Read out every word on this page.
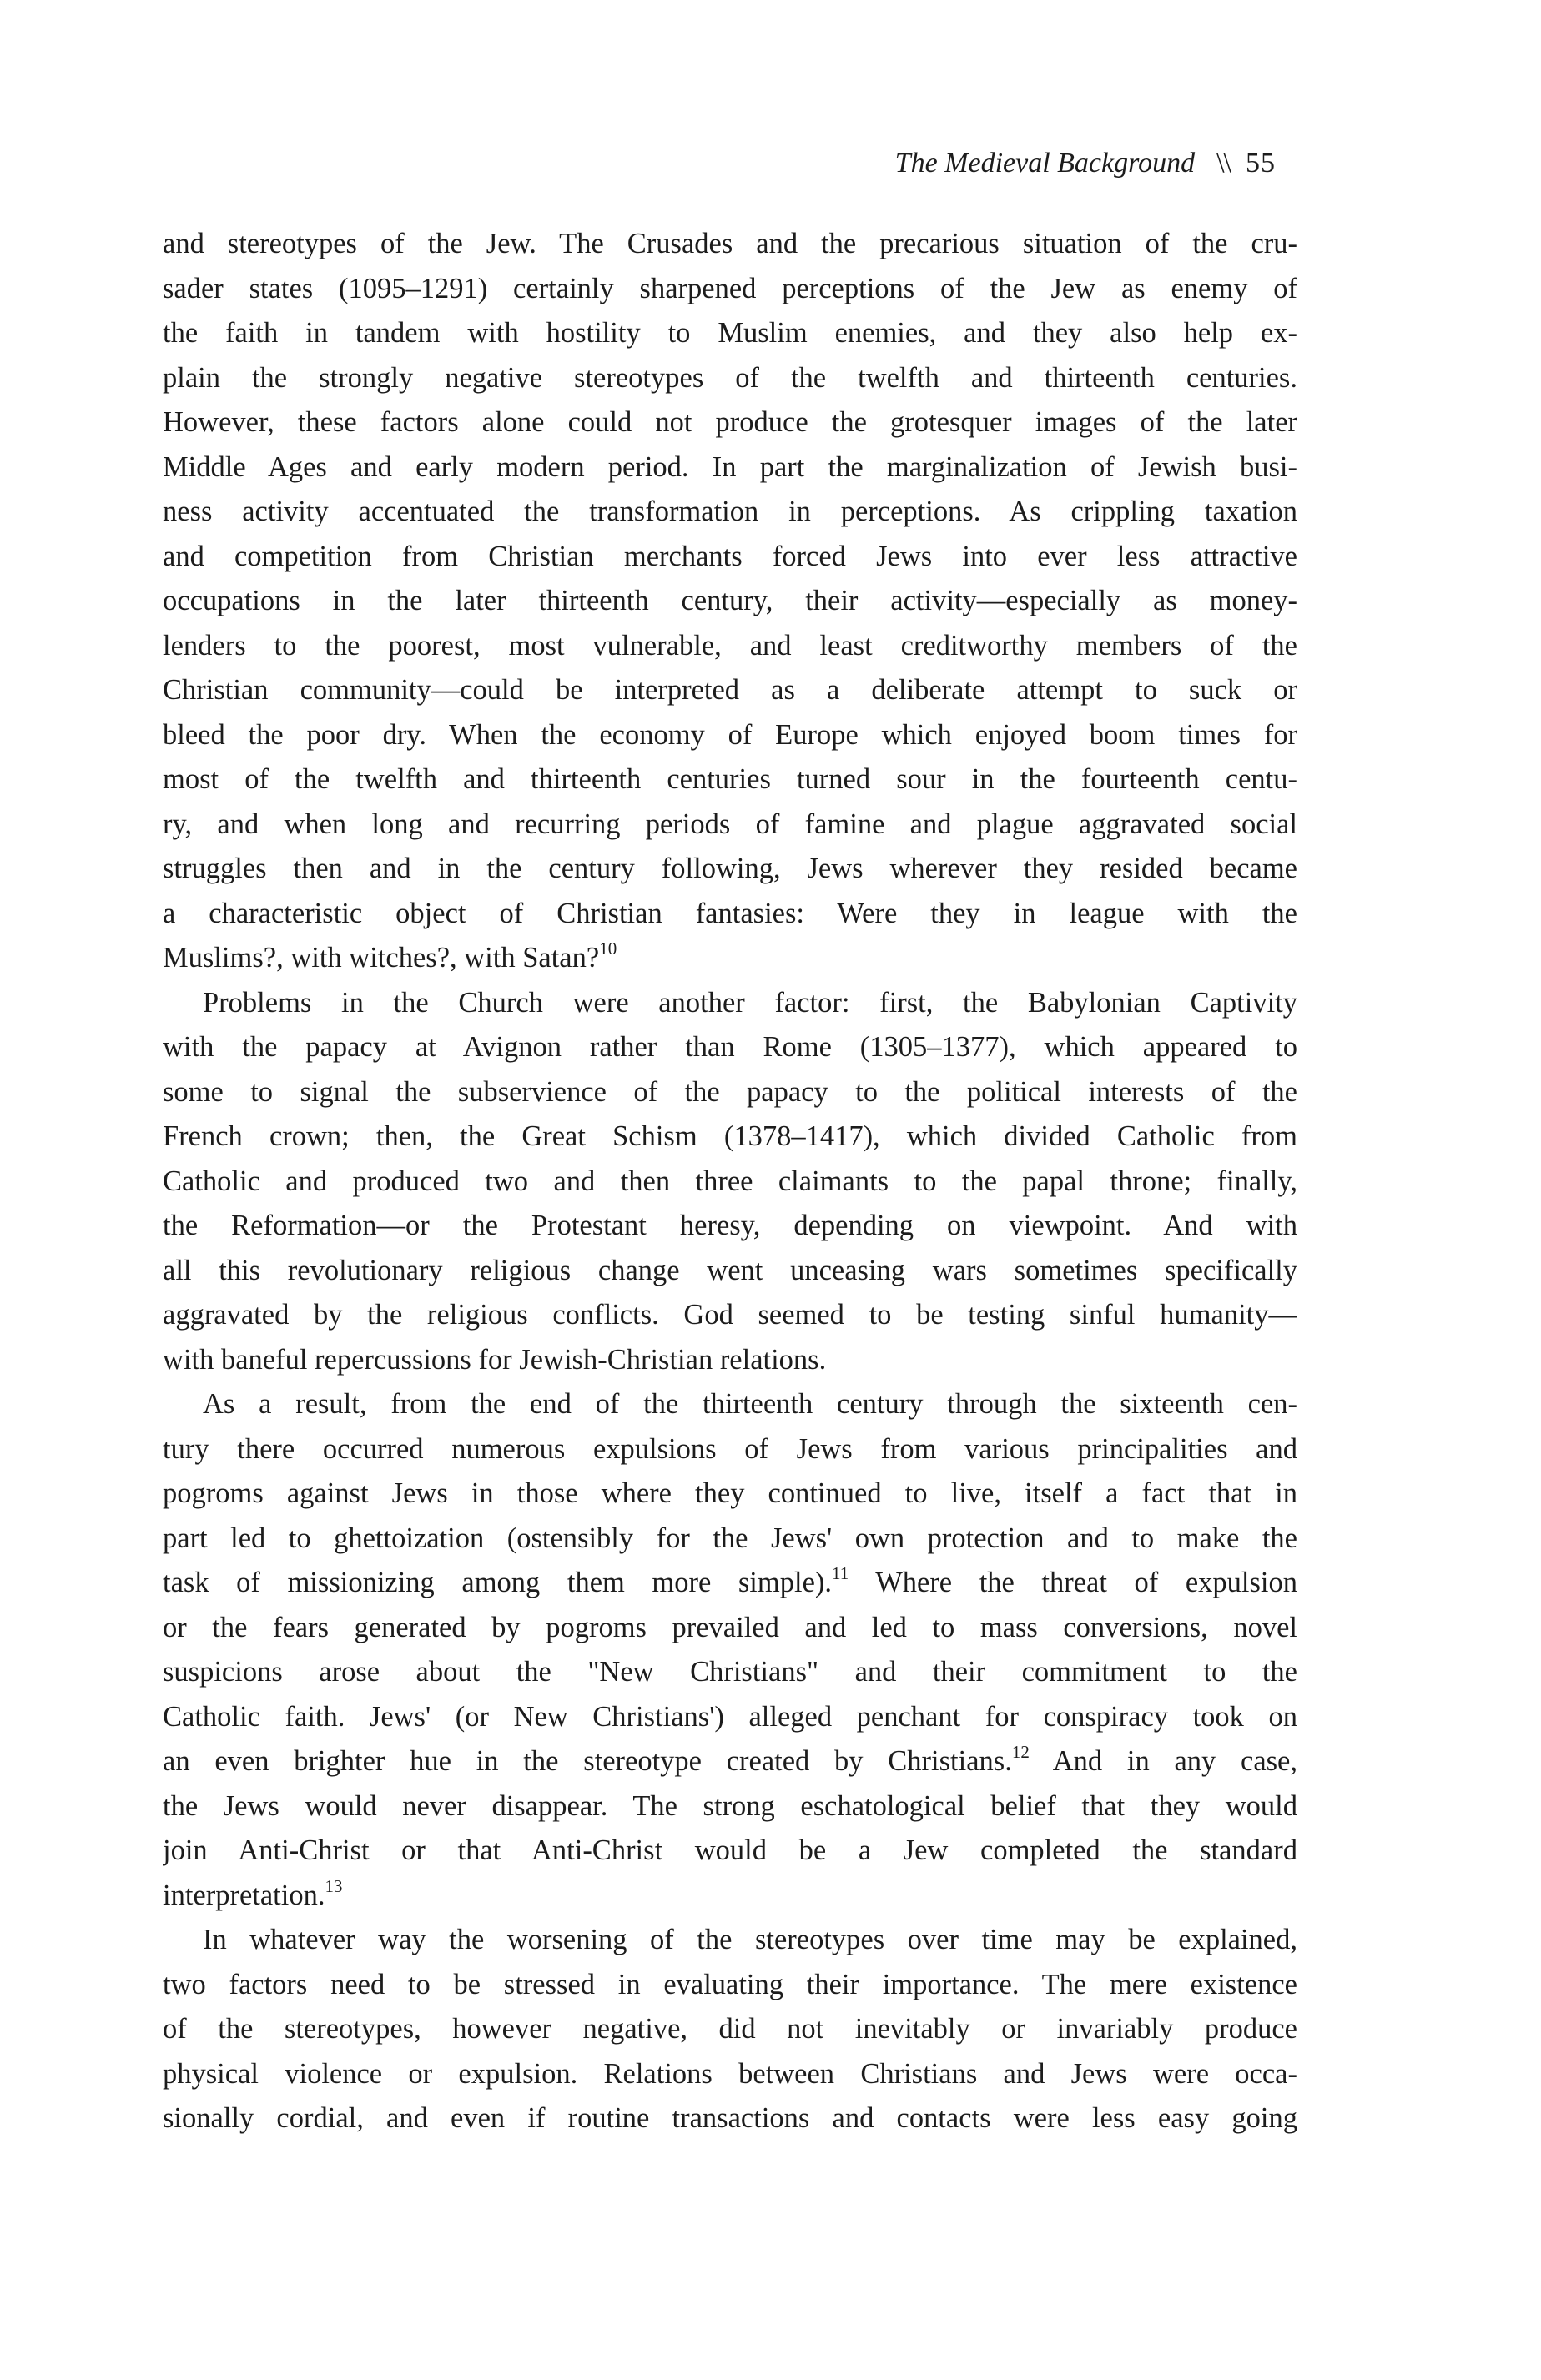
The Medieval Background \\ 55
and stereotypes of the Jew. The Crusades and the precarious situation of the cru-
sader states (1095–1291) certainly sharpened perceptions of the Jew as enemy of
the faith in tandem with hostility to Muslim enemies, and they also help ex-
plain the strongly negative stereotypes of the twelfth and thirteenth centuries.
However, these factors alone could not produce the grotesquer images of the later
Middle Ages and early modern period. In part the marginalization of Jewish busi-
ness activity accentuated the transformation in perceptions. As crippling taxation
and competition from Christian merchants forced Jews into ever less attractive
occupations in the later thirteenth century, their activity—especially as money-
lenders to the poorest, most vulnerable, and least creditworthy members of the
Christian community—could be interpreted as a deliberate attempt to suck or
bleed the poor dry. When the economy of Europe which enjoyed boom times for
most of the twelfth and thirteenth centuries turned sour in the fourteenth centu-
ry, and when long and recurring periods of famine and plague aggravated social
struggles then and in the century following, Jews wherever they resided became
a characteristic object of Christian fantasies: Were they in league with the
Muslims?, with witches?, with Satan?$^{10}$
Problems in the Church were another factor: first, the Babylonian Captivity
with the papacy at Avignon rather than Rome (1305–1377), which appeared to
some to signal the subservience of the papacy to the political interests of the
French crown; then, the Great Schism (1378–1417), which divided Catholic from
Catholic and produced two and then three claimants to the papal throne; finally,
the Reformation—or the Protestant heresy, depending on viewpoint. And with
all this revolutionary religious change went unceasing wars sometimes specifically
aggravated by the religious conflicts. God seemed to be testing sinful humanity—
with baneful repercussions for Jewish-Christian relations.
As a result, from the end of the thirteenth century through the sixteenth cen-
tury there occurred numerous expulsions of Jews from various principalities and
pogroms against Jews in those where they continued to live, itself a fact that in
part led to ghettoization (ostensibly for the Jews' own protection and to make the
task of missionizing among them more simple).$^{11}$ Where the threat of expulsion
or the fears generated by pogroms prevailed and led to mass conversions, novel
suspicions arose about the "New Christians" and their commitment to the
Catholic faith. Jews' (or New Christians') alleged penchant for conspiracy took on
an even brighter hue in the stereotype created by Christians.$^{12}$ And in any case,
the Jews would never disappear. The strong eschatological belief that they would
join Anti-Christ or that Anti-Christ would be a Jew completed the standard
interpretation.$^{13}$
In whatever way the worsening of the stereotypes over time may be explained,
two factors need to be stressed in evaluating their importance. The mere existence
of the stereotypes, however negative, did not inevitably or invariably produce
physical violence or expulsion. Relations between Christians and Jews were occa-
sionally cordial, and even if routine transactions and contacts were less easy going
